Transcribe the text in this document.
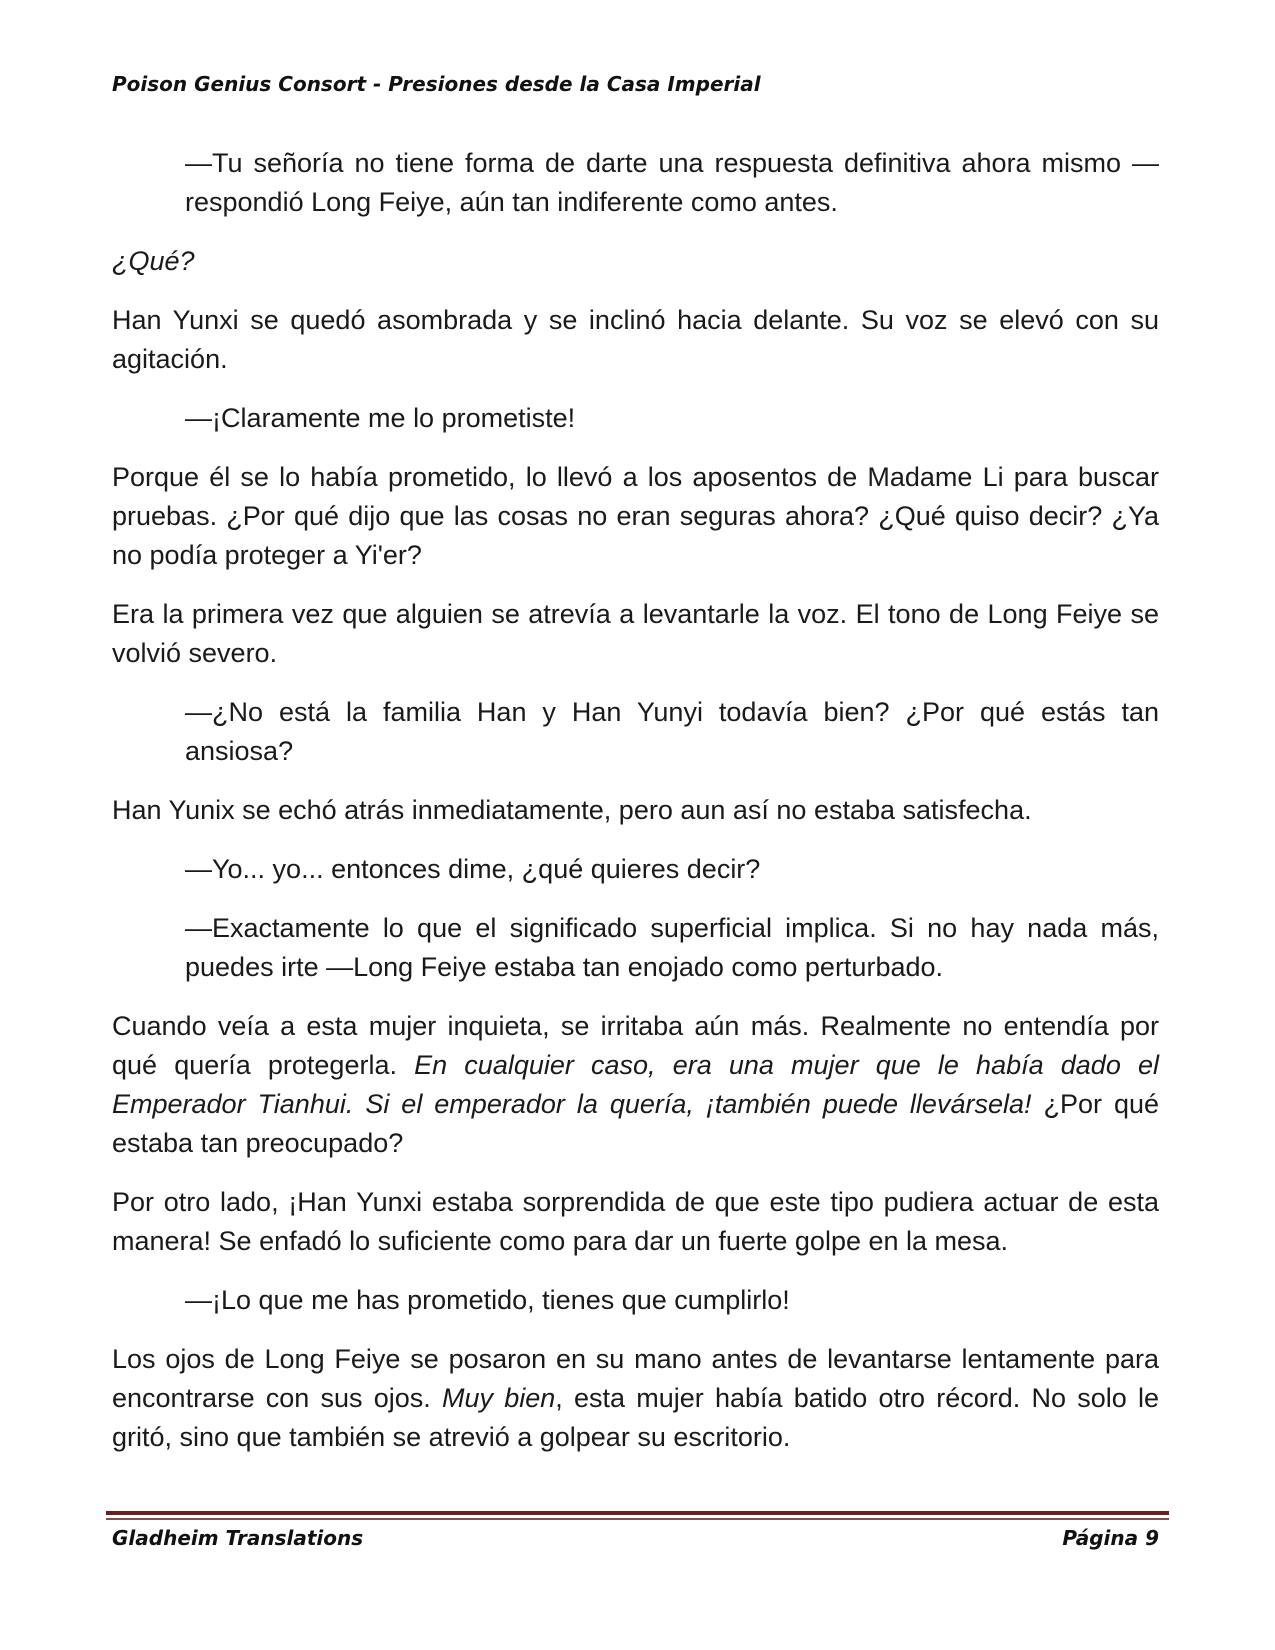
Poison Genius Consort - Presiones desde la Casa Imperial

—Tu señoría no tiene forma de darte una respuesta definitiva ahora mismo — respondió Long Feiye, aún tan indiferente como antes.

¿Qué?

Han Yunxi se quedó asombrada y se inclinó hacia delante. Su voz se elevó con su agitación.

—¡Claramente me lo prometiste!

Porque él se lo había prometido, lo llevó a los aposentos de Madame Li para buscar pruebas. ¿Por qué dijo que las cosas no eran seguras ahora? ¿Qué quiso decir? ¿Ya no podía proteger a Yi'er?

Era la primera vez que alguien se atrevía a levantarle la voz. El tono de Long Feiye se volvió severo.

—¿No está la familia Han y Han Yunyi todavía bien? ¿Por qué estás tan ansiosa?

Han Yunix se echó atrás inmediatamente, pero aun así no estaba satisfecha.

—Yo... yo... entonces dime, ¿qué quieres decir?

—Exactamente lo que el significado superficial implica. Si no hay nada más, puedes irte —Long Feiye estaba tan enojado como perturbado.

Cuando veía a esta mujer inquieta, se irritaba aún más. Realmente no entendía por qué quería protegerla. En cualquier caso, era una mujer que le había dado el Emperador Tianhui. Si el emperador la quería, ¡también puede llevársela! ¿Por qué estaba tan preocupado?

Por otro lado, ¡Han Yunxi estaba sorprendida de que este tipo pudiera actuar de esta manera! Se enfadó lo suficiente como para dar un fuerte golpe en la mesa.

—¡Lo que me has prometido, tienes que cumplirlo!

Los ojos de Long Feiye se posaron en su mano antes de levantarse lentamente para encontrarse con sus ojos. Muy bien, esta mujer había batido otro récord. No solo le gritó, sino que también se atrevió a golpear su escritorio.

Gladheim Translations	Página 9
